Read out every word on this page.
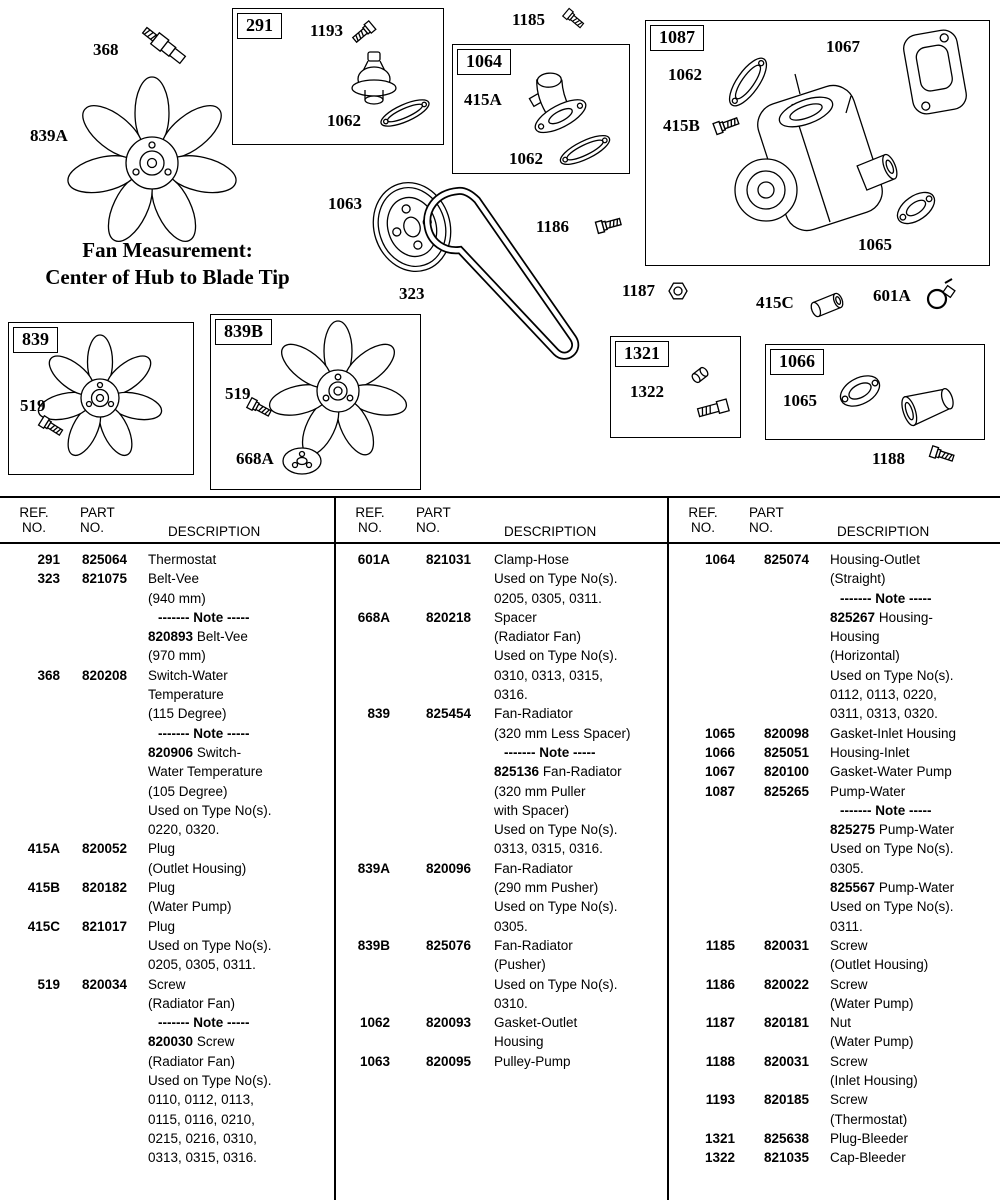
Fan Measurement:
Center of Hub to Blade Tip
291
1064
1087
839	839B
1321	1066
368
839A
1185
1063
1186
323	1187
415C	601A
1188
1193
1062
415A
1062
1062
1067
415B
1065
519
519
668A
1322	1065
REF.
NO.
PART
NO.	DESCRIPTION
291 825064	Thermostat
323 821075	Belt-Vee
(940 mm)
------- Note -----
820893 Belt-Vee
(970 mm)
368 820208	Switch-Water
Temperature
(115 Degree)
------- Note -----
820906 Switch-
Water Temperature
(105 Degree)
Used on Type No(s).
0220, 0320.
415A 820052	Plug
(Outlet Housing)
415B 820182	Plug
(Water Pump)
415C 821017	Plug
Used on Type No(s).
0205, 0305, 0311.
519 820034	Screw
(Radiator Fan)
------- Note -----
820030 Screw
(Radiator Fan)
Used on Type No(s).
0110, 0112, 0113,
0115, 0116, 0210,
0215, 0216, 0310,
0313, 0315, 0316.
REF.
NO.
PART
NO.	DESCRIPTION
601A	821031	Clamp-Hose
Used on Type No(s).
0205, 0305, 0311.
668A	820218	Spacer
(Radiator Fan)
Used on Type No(s).
0310, 0313, 0315,
0316.
839	825454	Fan-Radiator
(320 mm Less Spacer)
------- Note -----
825136 Fan-Radiator
(320 mm Puller
with Spacer)
Used on Type No(s).
0313, 0315, 0316.
839A	820096	Fan-Radiator
(290 mm Pusher)
Used on Type No(s).
0305.
839B	825076	Fan-Radiator
(Pusher)
Used on Type No(s).
0310.
1062	820093	Gasket-Outlet
Housing
1063	820095	Pulley-Pump
REF.
NO.
PART
NO.	DESCRIPTION
1064 825074	Housing-Outlet
(Straight)
------- Note -----
825267 Housing-
Housing
(Horizontal)
Used on Type No(s).
0112, 0113, 0220,
0311, 0313, 0320.
1065 820098	Gasket-Inlet Housing
1066 825051	Housing-Inlet
1067 820100	Gasket-Water Pump
1087 825265	Pump-Water
------- Note -----
825275 Pump-Water
Used on Type No(s).
0305.
825567 Pump-Water
Used on Type No(s).
0311.
1185 820031	Screw
(Outlet Housing)
1186 820022	Screw
(Water Pump)
1187 820181	Nut
(Water Pump)
1188 820031	Screw
(Inlet Housing)
1193 820185	Screw
(Thermostat)
1321 825638	Plug-Bleeder
1322 821035	Cap-Bleeder
